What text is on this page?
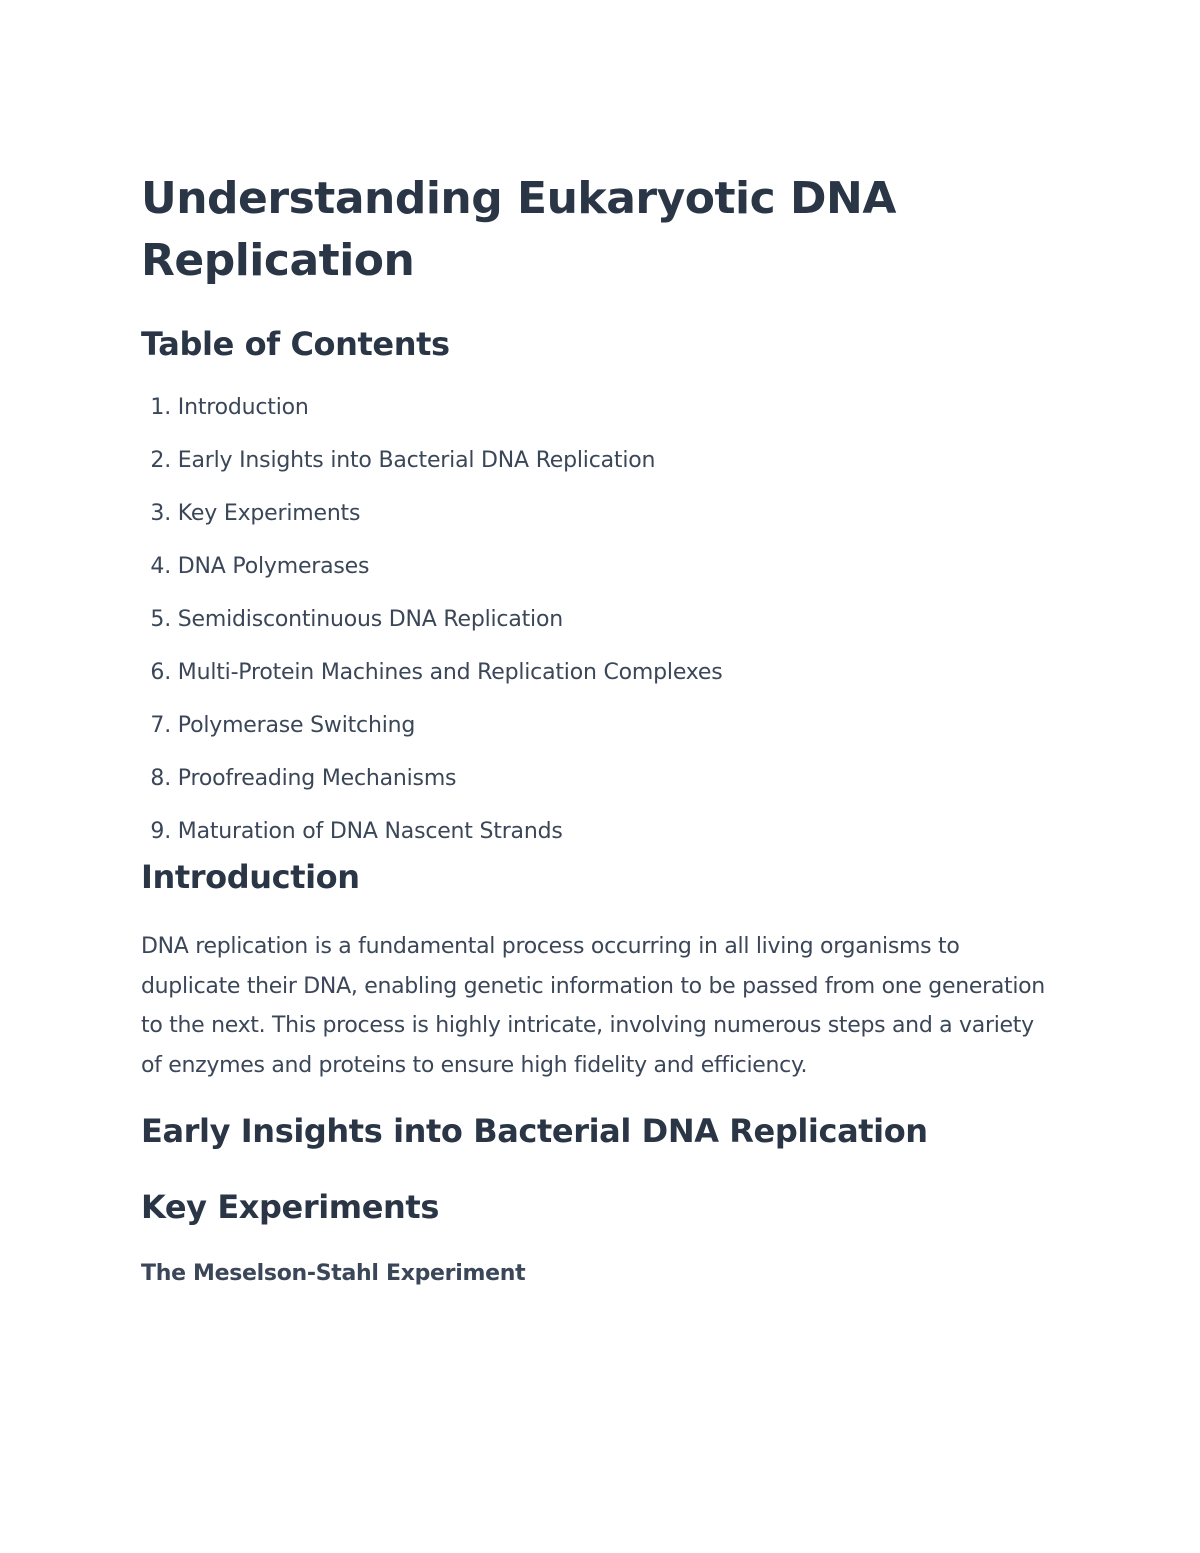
Understanding Eukaryotic DNA Replication
Table of Contents
1. Introduction
2. Early Insights into Bacterial DNA Replication
3. Key Experiments
4. DNA Polymerases
5. Semidiscontinuous DNA Replication
6. Multi-Protein Machines and Replication Complexes
7. Polymerase Switching
8. Proofreading Mechanisms
9. Maturation of DNA Nascent Strands
Introduction

DNA replication is a fundamental process occurring in all living organisms to duplicate their DNA, enabling genetic information to be passed from one generation to the next. This process is highly intricate, involving numerous steps and a variety of enzymes and proteins to ensure high fidelity and efficiency.

Early Insights into Bacterial DNA Replication
Key Experiments
The Meselson-Stahl Experiment
